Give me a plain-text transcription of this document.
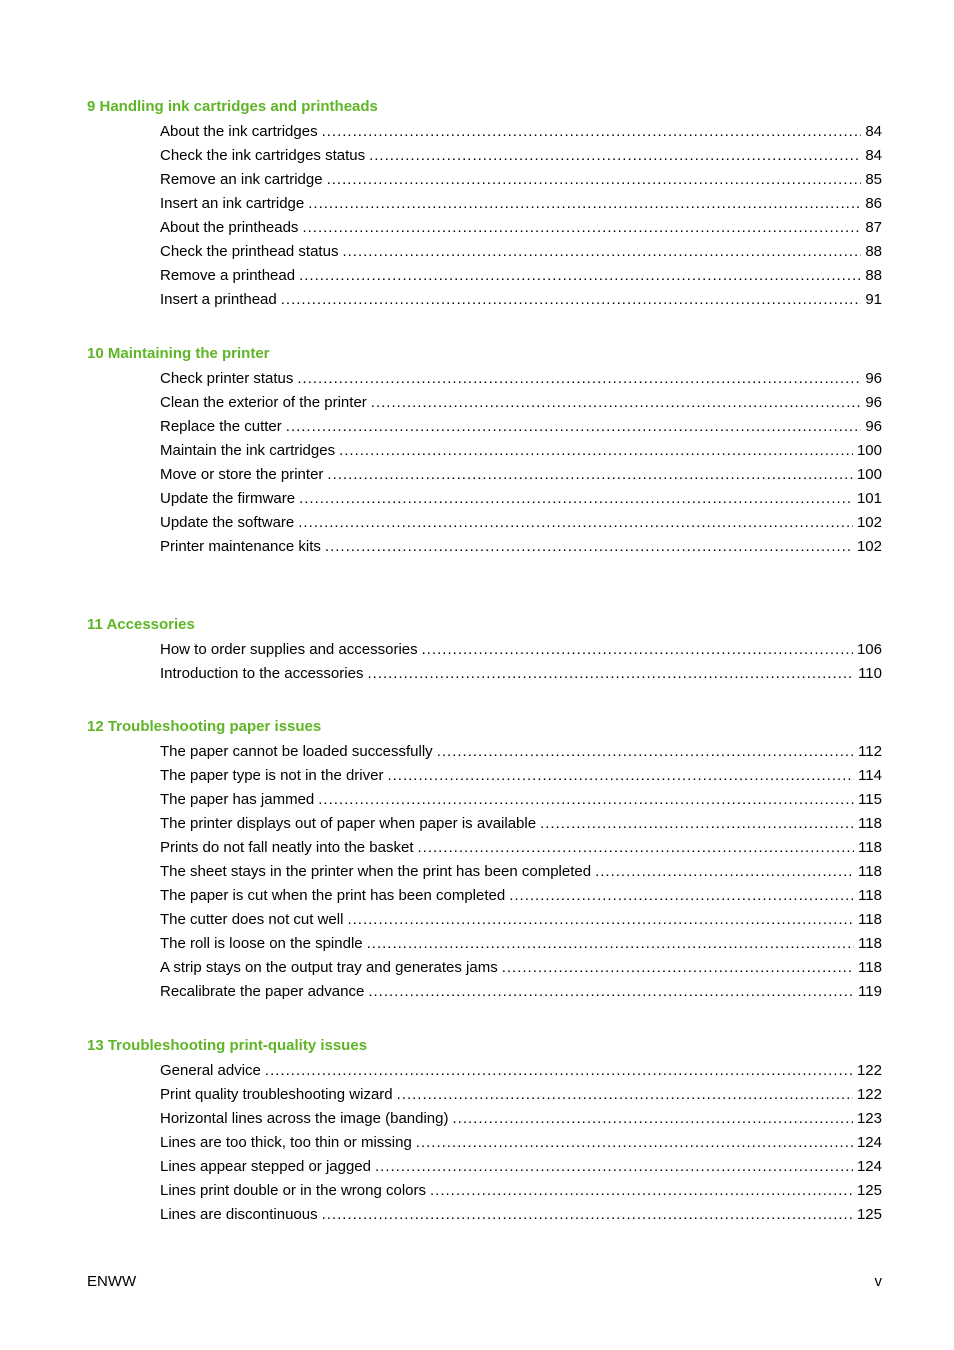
9 Handling ink cartridges and printheads
About the ink cartridges .....	84
Check the ink cartridges status .....	84
Remove an ink cartridge .....	85
Insert an ink cartridge .....	86
About the printheads .....	87
Check the printhead status .....	88
Remove a printhead .....	88
Insert a printhead .....	91
10 Maintaining the printer
Check printer status .....	96
Clean the exterior of the printer .....	96
Replace the cutter .....	96
Maintain the ink cartridges .....	100
Move or store the printer .....	100
Update the firmware .....	101
Update the software .....	102
Printer maintenance kits .....	102
11 Accessories
How to order supplies and accessories .....	106
Introduction to the accessories .....	110
12 Troubleshooting paper issues
The paper cannot be loaded successfully .....	112
The paper type is not in the driver .....	114
The paper has jammed .....	115
The printer displays out of paper when paper is available .....	118
Prints do not fall neatly into the basket .....	118
The sheet stays in the printer when the print has been completed .....	118
The paper is cut when the print has been completed .....	118
The cutter does not cut well .....	118
The roll is loose on the spindle .....	118
A strip stays on the output tray and generates jams .....	118
Recalibrate the paper advance .....	119
13 Troubleshooting print-quality issues
General advice .....	122
Print quality troubleshooting wizard .....	122
Horizontal lines across the image (banding) .....	123
Lines are too thick, too thin or missing .....	124
Lines appear stepped or jagged .....	124
Lines print double or in the wrong colors .....	125
Lines are discontinuous .....	125
ENWW	v
